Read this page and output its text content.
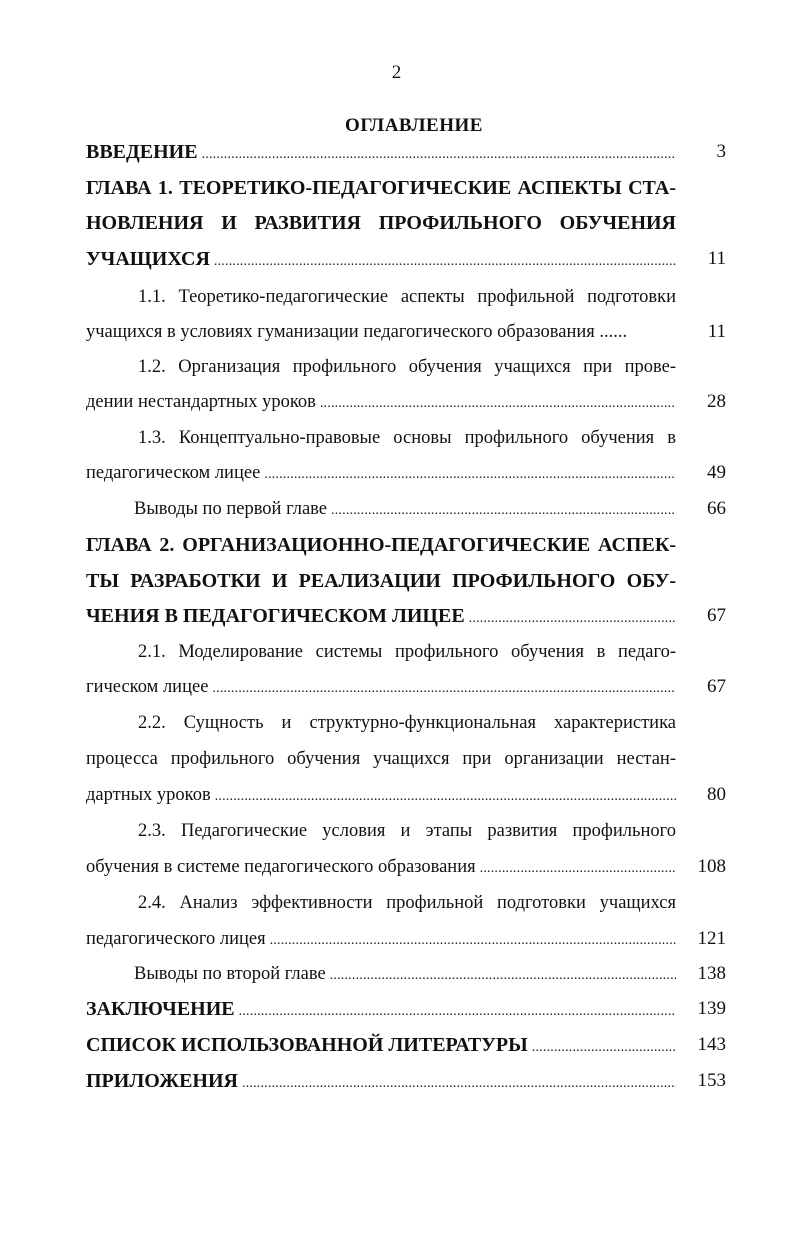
2
ОГЛАВЛЕНИЕ
ВВЕДЕНИЕ .....	3
ГЛАВА 1. ТЕОРЕТИКО-ПЕДАГОГИЧЕСКИЕ АСПЕКТЫ СТА-
НОВЛЕНИЯ И РАЗВИТИЯ ПРОФИЛЬНОГО ОБУЧЕНИЯ
УЧАЩИХСЯ .....	11
1.1. Теоретико-педагогические аспекты профильной подготовки
учащихся в условиях гуманизации педагогического образования ......	11
1.2. Организация профильного обучения учащихся при прове-
дении нестандартных уроков .....	28
1.3. Концептуально-правовые основы профильного обучения в
педагогическом лицее .....	49
Выводы по первой главе .....	66
ГЛАВА 2. ОРГАНИЗАЦИОННО-ПЕДАГОГИЧЕСКИЕ АСПЕК-
ТЫ РАЗРАБОТКИ И РЕАЛИЗАЦИИ ПРОФИЛЬНОГО ОБУ-
ЧЕНИЯ В ПЕДАГОГИЧЕСКОМ ЛИЦЕЕ .....	67
2.1. Моделирование системы профильного обучения в педаго-
гическом лицее .....	67
2.2. Сущность и структурно-функциональная характеристика
процесса профильного обучения учащихся при организации нестан-
дартных уроков .....	80
2.3. Педагогические условия и этапы развития профильного
обучения в системе педагогического образования .....	108
2.4. Анализ эффективности профильной подготовки учащихся
педагогического лицея .....	121
Выводы по второй главе .....	138
ЗАКЛЮЧЕНИЕ .....	139
СПИСОК ИСПОЛЬЗОВАННОЙ ЛИТЕРАТУРЫ .....	143
ПРИЛОЖЕНИЯ .....	153
